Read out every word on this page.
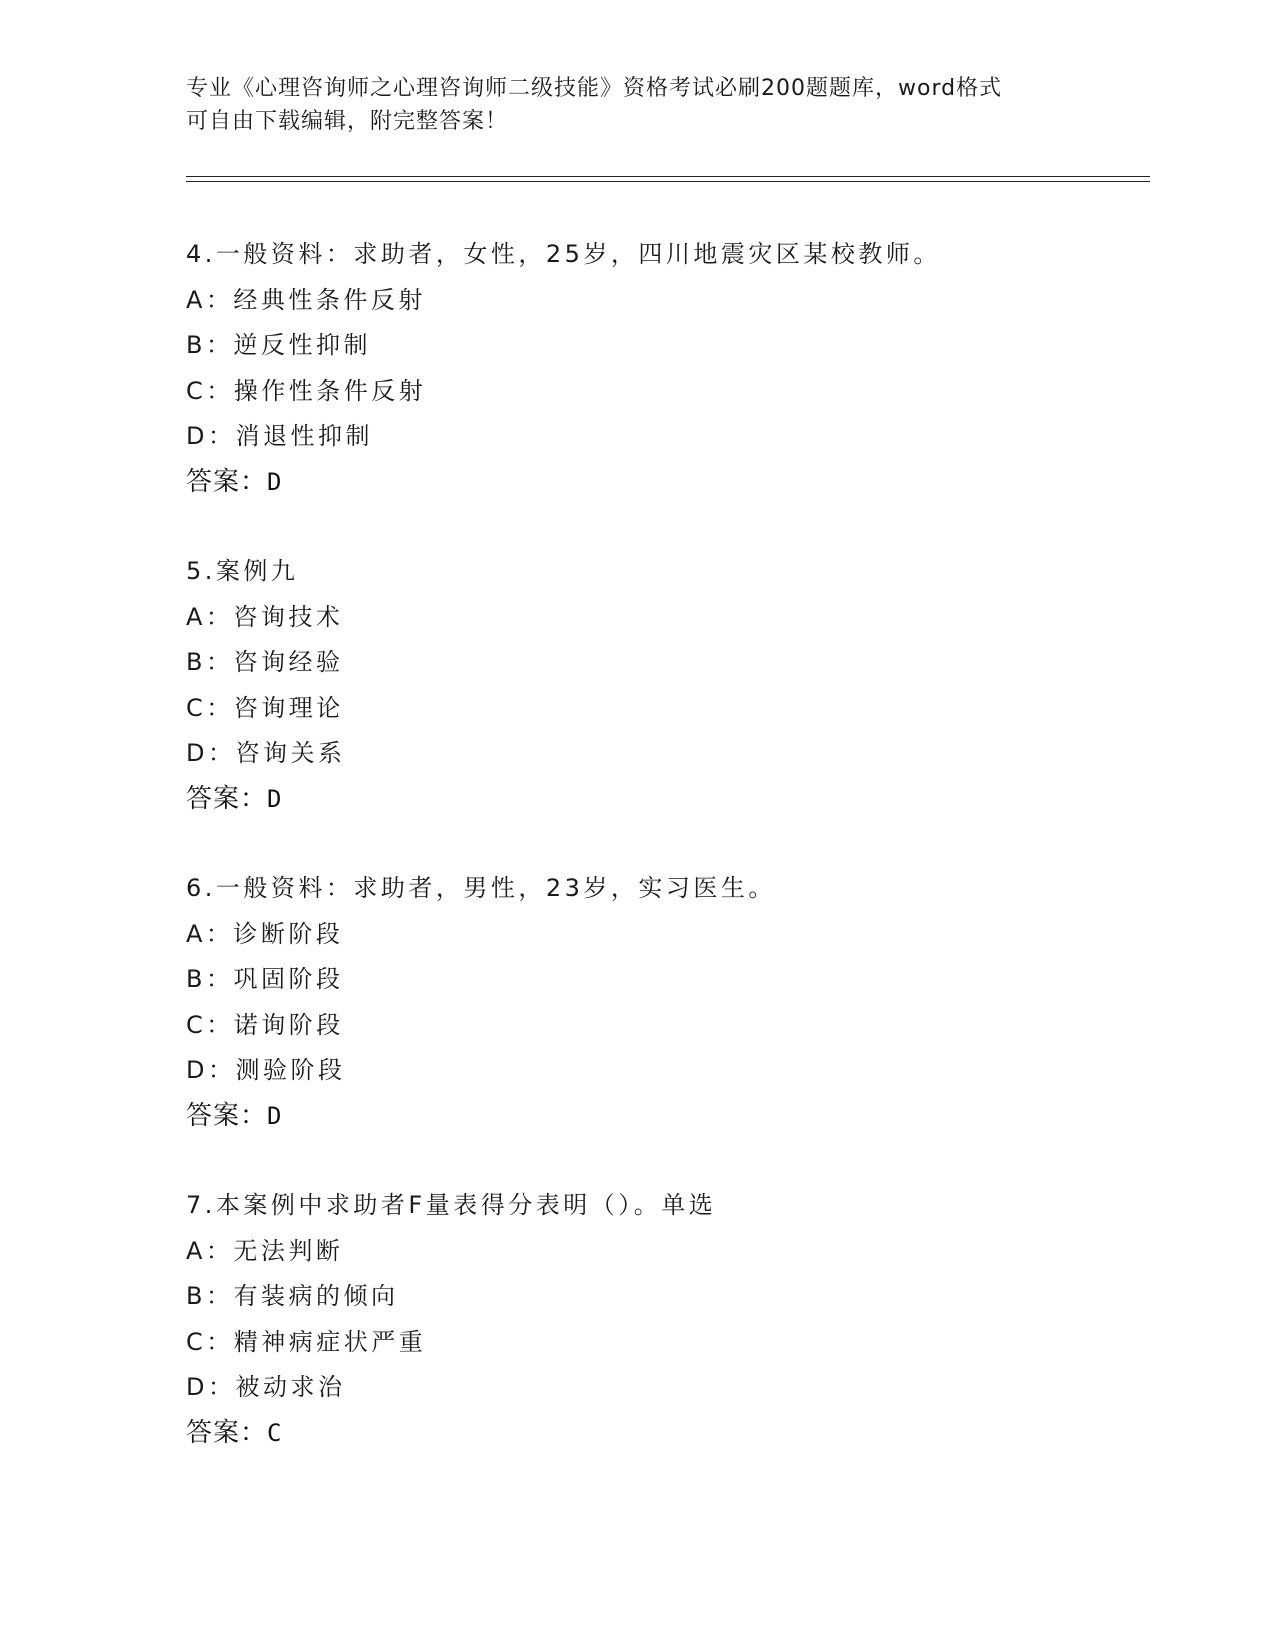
专业《心理咨询师之心理咨询师二级技能》资格考试必刷200题题库，word格式
可自由下载编辑，附完整答案！
4.一般资料：求助者，女性，25岁，四川地震灾区某校教师。
A：经典性条件反射
B：逆反性抑制
C：操作性条件反射
D：消退性抑制
答案：D
5.案例九
A：咨询技术
B：咨询经验
C：咨询理论
D：咨询关系
答案：D
6.一般资料：求助者，男性，23岁，实习医生。
A：诊断阶段
B：巩固阶段
C：诺询阶段
D：测验阶段
答案：D
7.本案例中求助者F量表得分表明（）。单选
A：无法判断
B：有装病的倾向
C：精神病症状严重
D：被动求治
答案：C
